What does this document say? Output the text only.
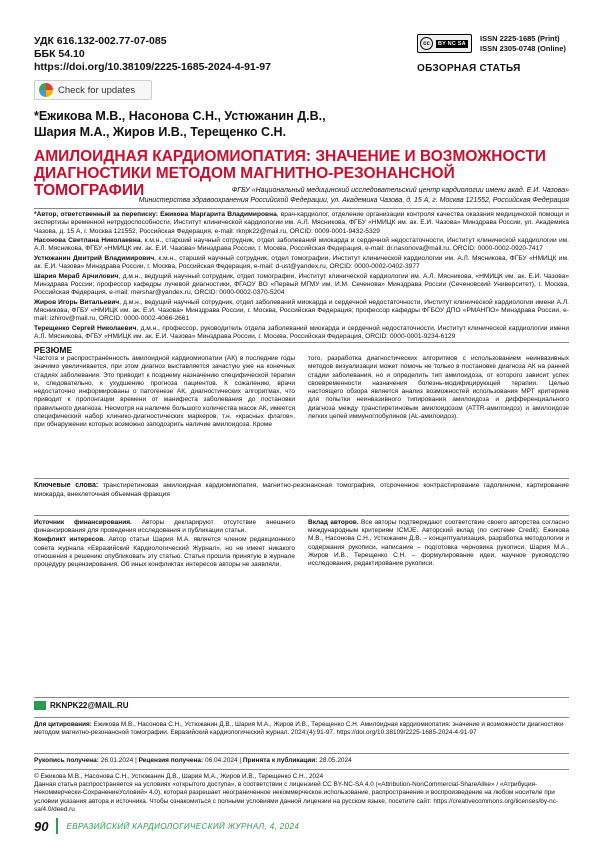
УДК 616.132-002.77-07-085
ББК 54.10
https://doi.org/10.38109/2225-1685-2024-4-91-97
Check for updates
cc	BY NC SA
ISSN 2225-1685 (Print)
ISSN 2305-0748 (Online)
ОБЗОРНАЯ СТАТЬЯ
*Ежикова М.В., Насонова С.Н., Устюжанин Д.В., Шария М.А., Жиров И.В., Терещенко С.Н.
АМИЛОИДНАЯ КАРДИОМИОПАТИЯ: ЗНАЧЕНИЕ И ВОЗМОЖНОСТИ ДИАГНОСТИКИ МЕТОДОМ МАГНИТНО-РЕЗОНАНСНОЙ ТОМОГРАФИИ	ФГБУ «Национальный медицинский исследовательский центр кардиологии имени акад. Е.И. Чазова»
Министерства здравоохранения Российской Федерации, ул. Академика Чазова, д. 15 А, г. Москва 121552, Российская Федерация

*Автор, ответственный за переписку: Ежикова Маргарита Владимировна, врач-кардиолог, отделение организации контроля качества оказания медицинской помощи и экспертизы временной нетрудоспособности, Институт клинической кардиологии им. А.Л. Мясникова, ФГБУ «НМИЦК им. ак. Е.И. Чазова» Минздрава России, ул. Академика Чазова, д. 15 А, г. Москва 121552, Российская Федерация, e-mail: rknpk22@mail.ru, ORCID: 0009-0001-9432-5329

Насонова Светлана Николаевна, к.м.н., старший научный сотрудник, отдел заболеваний миокарда и сердечной недостаточности, Институт клинической кардиологии им. А.Л. Мясникова, ФГБУ «НМИЦК им. ак. Е.И. Чазова» Минздрава России, г. Москва, Российская Федерация, e-mail: dr.nasonova@mail.ru, ORCID: 0000-0002-0920-7417

Устюжанин Дмитрий Владимирович, к.м.н., старший научный сотрудник, отдел томографии, Институт клинической кардиологии им. А.Л. Мясникова, ФГБУ «НМИЦК им. ак. Е.И. Чазова» Минздрава России, г. Москва, Российская Федерация, e-mail: d-ust@yandex.ru, ORCID: 0000-0002-0402-3977

Шария Мераб Арчилович, д.м.н., ведущий научный сотрудник, отдел томографии, Институт клинической кардиологии им. А.Л. Мясникова, «НМИЦК им. ак. Е.И. Чазова» Минздрава России; профессор кафедры лучевой диагностики, ФГАОУ ВО «Первый МГМУ им. И.М. Сеченова» Минздрава России (Сеченовский Университет), г. Москва, Российская Федерация, e-mail: mershar@yandex.ru, ORCID: 0000-0002-0370-5204

Жиров Игорь Витальевич, д.м.н., ведущий научный сотрудник, отдел заболеваний миокарда и сердечной недостаточности, Институт клинической кардиологии имени А.Л. Мясникова, ФГБУ «НМИЦК им. ак. Е.И. Чазова» Минздрава России, г. Москва, Российская Федерация; профессор кафедры ФГБОУ ДПО «РМАНПО» Минздрава России, e-mail: izhirov@mail.ru, ORCID: 0000-0002-4066-2661

Терещенко Сергей Николаевич, д.м.н., профессор, руководитель отдела заболеваний миокарда и сердечной недостаточности, Институт клинической кардиологии имени А.Л. Мясникова, ФГБУ «НМИЦК им. ак. Е.И. Чазова» Минздрава России, г. Москва, Российская Федерация, ORCID: 0000-0001-9234-6129

РЕЗЮМЕ
Частота и распространённость амилоидной кардиомиопатии (АК) в последние годы значимо увеличивается, при этом диагноз выставляется зачастую уже на конечных стадиях заболевания. Это приводит к позднему назначению специфической терапии и, следовательно, к ухудшению прогноза пациентов. К сожалению, врачи недостаточно информированы о патогенезе АК, диагностических алгоритмах, что приводит к пролонгации времени от манифеста заболевания до постановки правильного диагноза. Несмотря на наличие большого количества масок АК, имеется специфический набор клинико-диагностических маркеров, т.н. «красных флагов», при обнаружении которых возможно заподозрить наличие амилоидоза. Кроме
того, разработка диагностических алгоритмов с использованием неинвазивных методов визуализации может помочь не только в постановке диагноза АК на ранней стадии заболевания, но и определить тип амилоидоза, от которого зависит успех своевременности назначения болезнь-модифицирующей терапии. Целью настоящего обзора является анализ возможностей использования МРТ критериев для попытки неинвазивного типирования амилоидоза и дифференциального диагноза между транстиретиновым амилоидозом (ATTR-амилоидоз) и амилоидозе легких цепей иммуноглобулинов (AL-амилоидоз).
Ключевые слова: транстиретиновая амилоидная кардиомиопатия, магнитно-резонансная томография, отсроченное контрастирование гадолинием, картирование миокарда, внеклеточная объемная фракция

Источник финансирования. Авторы декларируют отсутствие внешнего финансирования для проведения исследования и публикации статьи.

Конфликт интересов. Автор статьи Шария М.А. является членом редакционного совета журнала «Евразийский Кардиологический Журнал», но не имеет никакого отношения к решению опубликовать эту статью. Статья прошла принятую в журнале процедуру рецензирования. Об иных конфликтах интересов авторы не заявляли.

Вклад авторов. Все авторы подтверждают соответствие своего авторства согласно международным критериям ICMJE. Авторский вклад (по системе Credit): Ежикова М.В., Насонова С.Н., Устюжанин Д.В. – концептуализация, разработка методологии и содержания рукописи, написание – подготовка черновика рукописи. Шария М.А., Жиров И.В., Терещенко С.Н. – формулирование идеи, научное руководство исследования, редактирование рукописи.

RKNPK22@MAIL.RU
Для цитирования: Ежикова М.В., Насонова С.Н., Устюжанин Д.В., Шария М.А., Жиров И.В., Терещенко С.Н. Амилоидная кардиомиопатия: значение и возможности диагностики методом магнитно-резонансной томографии. Евразийский кардиологический журнал. 2024;(4):91-97. https://doi.org/10.38109/2225-1685-2024-4-91-97
Рукопись получена: 26.01.2024 | Рецензия получена: 06.04.2024 | Принята к публикации: 28.05.2024
© Ежикова М.В., Насонова С.Н., Устюжанин Д.В., Шария М.А., Жиров И.В., Терещенко С.Н., 2024
Данная статья распространяется на условиях «открытого доступа», в соответствии с лицензией CC BY-NC-SA 4.0 («Attribution-NonCommercial-ShareAlike» / «Атрибуция-Некоммерчески-СохранениеУсловий» 4.0), которая разрешает неограниченное некоммерческое использование, распространение и воспроизведение на любом носителе при условии указания автора и источника. Чтобы ознакомиться с полными условиями данной лицензии на русском языке, посетите сайт: https://creativecommons.org/licenses/by-nc-sa/4.0/deed.ru
90 ЕВРАЗИЙСКИЙ КАРДИОЛОГИЧЕСКИЙ ЖУРНАЛ, 4, 2024
